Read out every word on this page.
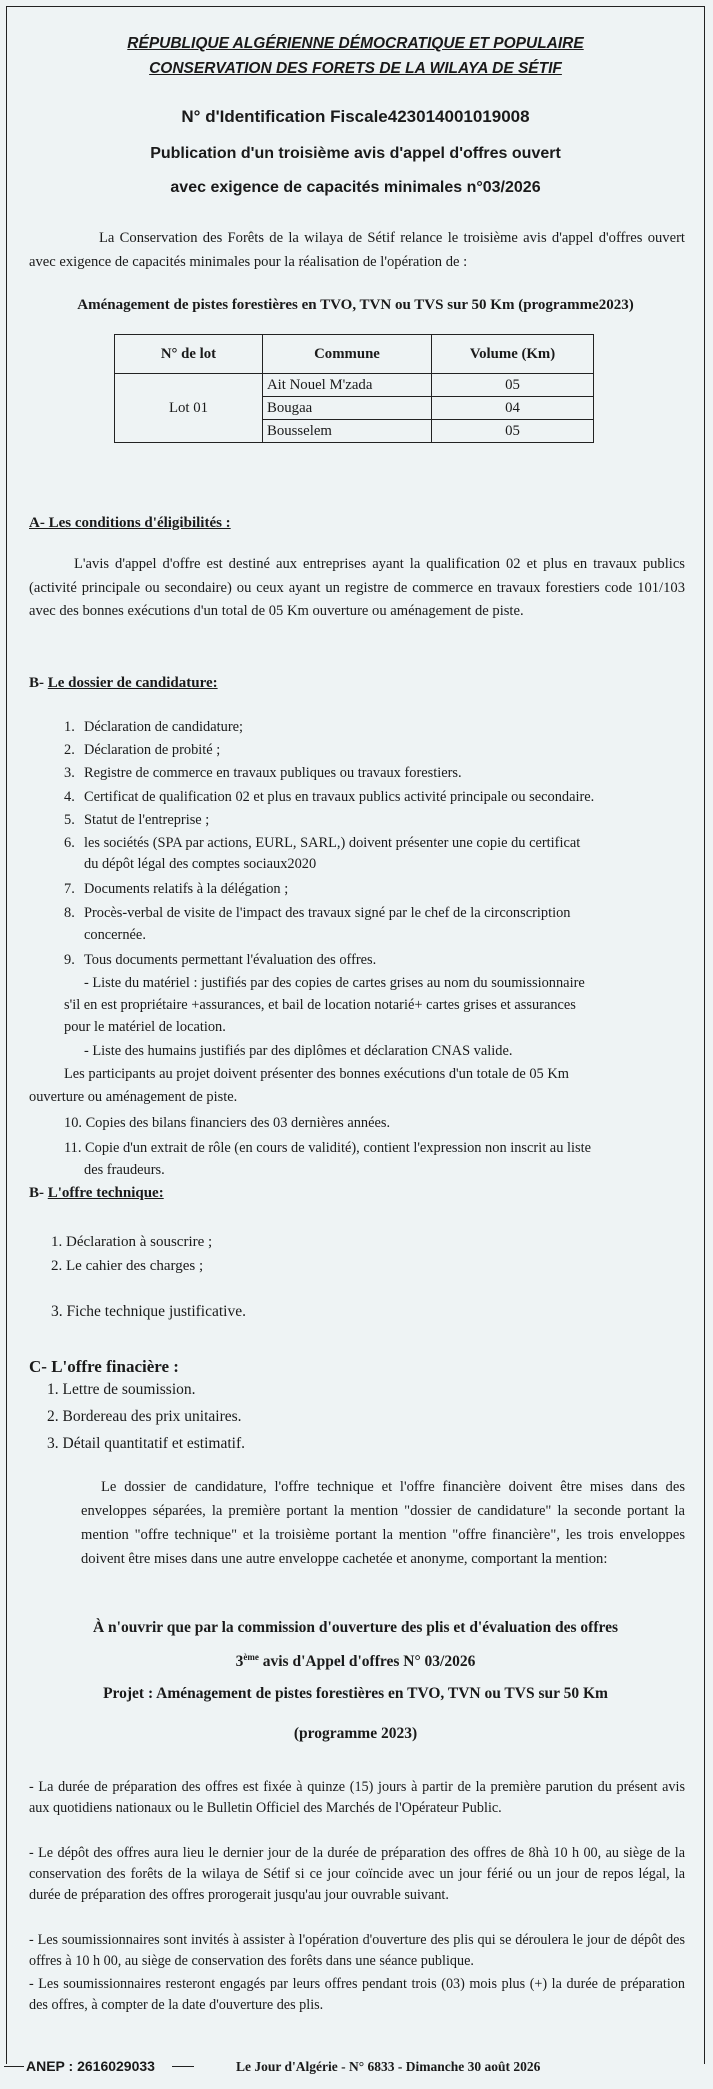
RÉPUBLIQUE ALGÉRIENNE DÉMOCRATIQUE ET POPULAIRE
CONSERVATION DES FORETS DE LA WILAYA DE SÉTIF
N° d'Identification Fiscale423014001019008
Publication d'un troisième avis d'appel d'offres ouvert
avec exigence de capacités minimales n°03/2026
La Conservation des Forêts de la wilaya de Sétif relance le troisième avis d'appel d'offres ouvert avec exigence de capacités minimales pour la réalisation de l'opération de :
Aménagement de pistes forestières en TVO, TVN ou TVS sur 50 Km (programme2023)
N° de lot	Commune	Volume (Km)
Lot 01	Ait Nouel M'zada	05
	Bougaa	04
	Bousselem	05
A- Les conditions d'éligibilités :
L'avis d'appel d'offre est destiné aux entreprises ayant la qualification 02 et plus en travaux publics (activité principale ou secondaire) ou ceux ayant un registre de commerce en travaux forestiers code 101/103 avec des bonnes exécutions d'un total de 05 Km ouverture ou aménagement de piste.
B- Le dossier de candidature:
1. Déclaration de candidature;
2. Déclaration de probité ;
3. Registre de commerce en travaux publiques ou travaux forestiers.
4. Certificat de qualification 02 et plus en travaux publics activité principale ou secondaire.
5. Statut de l'entreprise ;
6. les sociétés (SPA par actions, EURL, SARL,) doivent présenter une copie du certificat
du dépôt légal des comptes sociaux2020
7. Documents relatifs à la délégation ;
8. Procès-verbal de visite de l'impact des travaux signé par le chef de la circonscription
concernée.
9. Tous documents permettant l'évaluation des offres.
- Liste du matériel : justifiés par des copies de cartes grises au nom du soumissionnaire
s'il en est propriétaire +assurances, et bail de location notarié+ cartes grises et assurances
pour le matériel de location.
- Liste des humains justifiés par des diplômes et déclaration CNAS valide.
Les participants au projet doivent présenter des bonnes exécutions d'un totale de 05 Km
ouverture ou aménagement de piste.
10. Copies des bilans financiers des 03 dernières années.
11. Copie d'un extrait de rôle (en cours de validité), contient l'expression non inscrit au liste
des fraudeurs.
B- L'offre technique:
1. Déclaration à souscrire ;
2. Le cahier des charges ;
3. Fiche technique justificative.
C- L'offre finacière :
1. Lettre de soumission.
2. Bordereau des prix unitaires.
3. Détail quantitatif et estimatif.
Le dossier de candidature, l'offre technique et l'offre financière doivent être mises dans des enveloppes séparées, la première portant la mention "dossier de candidature" la seconde portant la mention "offre technique" et la troisième portant la mention "offre financière", les trois enveloppes doivent être mises dans une autre enveloppe cachetée et anonyme, comportant la mention:
À n'ouvrir que par la commission d'ouverture des plis et d'évaluation des offres
3ème avis d'Appel d'offres N° 03/2026
Projet : Aménagement de pistes forestières en TVO, TVN ou TVS sur 50 Km
(programme 2023)
- La durée de préparation des offres est fixée à quinze (15) jours à partir de la première parution du présent avis aux quotidiens nationaux ou le Bulletin Officiel des Marchés de l'Opérateur Public.
- Le dépôt des offres aura lieu le dernier jour de la durée de préparation des offres de 8hà 10 h 00, au siège de la conservation des forêts de la wilaya de Sétif si ce jour coïncide avec un jour férié ou un jour de repos légal, la durée de préparation des offres prorogerait jusqu'au jour ouvrable suivant.
- Les soumissionnaires sont invités à assister à l'opération d'ouverture des plis qui se déroulera le jour de dépôt des offres à 10 h 00, au siège de conservation des forêts dans une séance publique.
- Les soumissionnaires resteront engagés par leurs offres pendant trois (03) mois plus (+) la durée de préparation des offres, à compter de la date d'ouverture des plis.
ANEP : 2616029033	Le Jour d'Algérie - N° 6833 - Dimanche 30 août 2026
